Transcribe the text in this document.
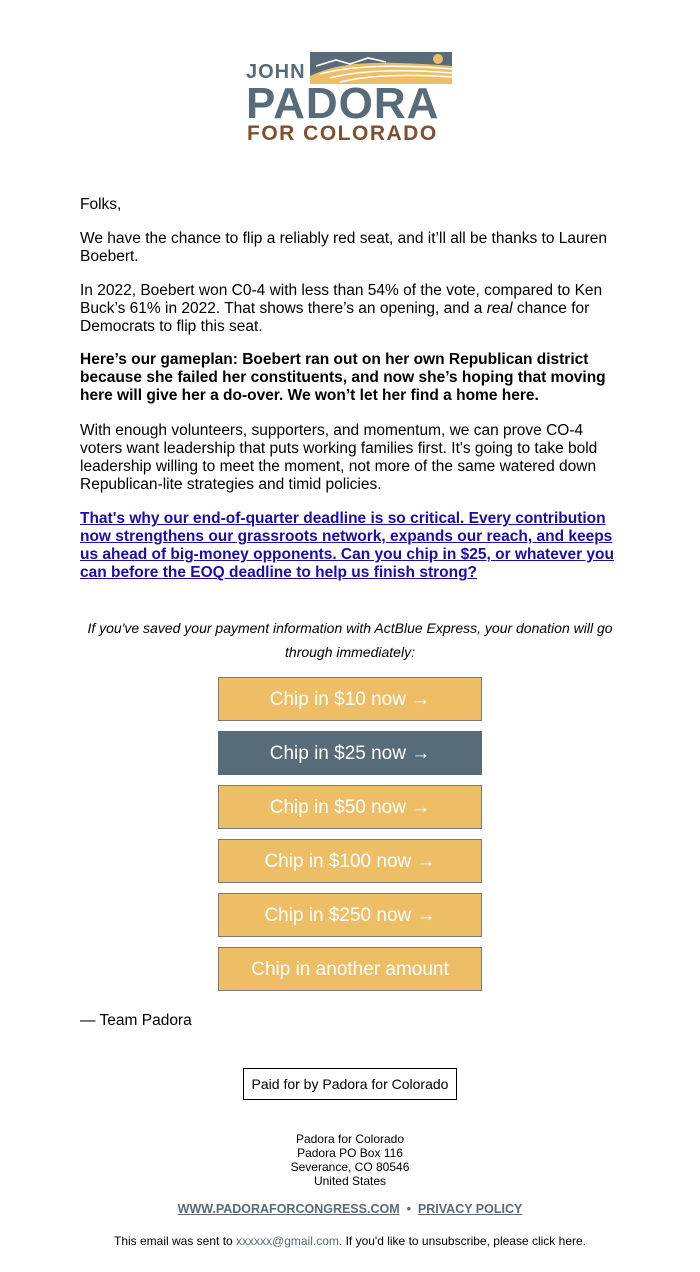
JOHN
PADORA
FOR COLORADO

Folks,

We have the chance to flip a reliably red seat, and it’ll all be thanks to Lauren Boebert.

In 2022, Boebert won C0-4 with less than 54% of the vote, compared to Ken Buck’s 61% in 2022. That shows there’s an opening, and a real chance for Democrats to flip this seat.

Here’s our gameplan: Boebert ran out on her own Republican district because she failed her constituents, and now she’s hoping that moving here will give her a do-over. We won’t let her find a home here.

With enough volunteers, supporters, and momentum, we can prove CO-4 voters want leadership that puts working families first. It's going to take bold leadership willing to meet the moment, not more of the same watered down Republican-lite strategies and timid policies.

That's why our end-of-quarter deadline is so critical. Every contribution now strengthens our grassroots network, expands our reach, and keeps us ahead of big-money opponents. Can you chip in $25, or whatever you can before the EOQ deadline to help us finish strong?

If you've saved your payment information with ActBlue Express, your donation will go through immediately:

Chip in $10 now →
Chip in $25 now →
Chip in $50 now →
Chip in $100 now →
Chip in $250 now →
Chip in another amount

— Team Padora

Paid for by Padora for Colorado
Padora for Colorado
Padora PO Box 116
Severance, CO 80546
United States
WWW.PADORAFORCONGRESS.COM • PRIVACY POLICY
This email was sent to xxxxxx@gmail.com. If you'd like to unsubscribe, please click here.
